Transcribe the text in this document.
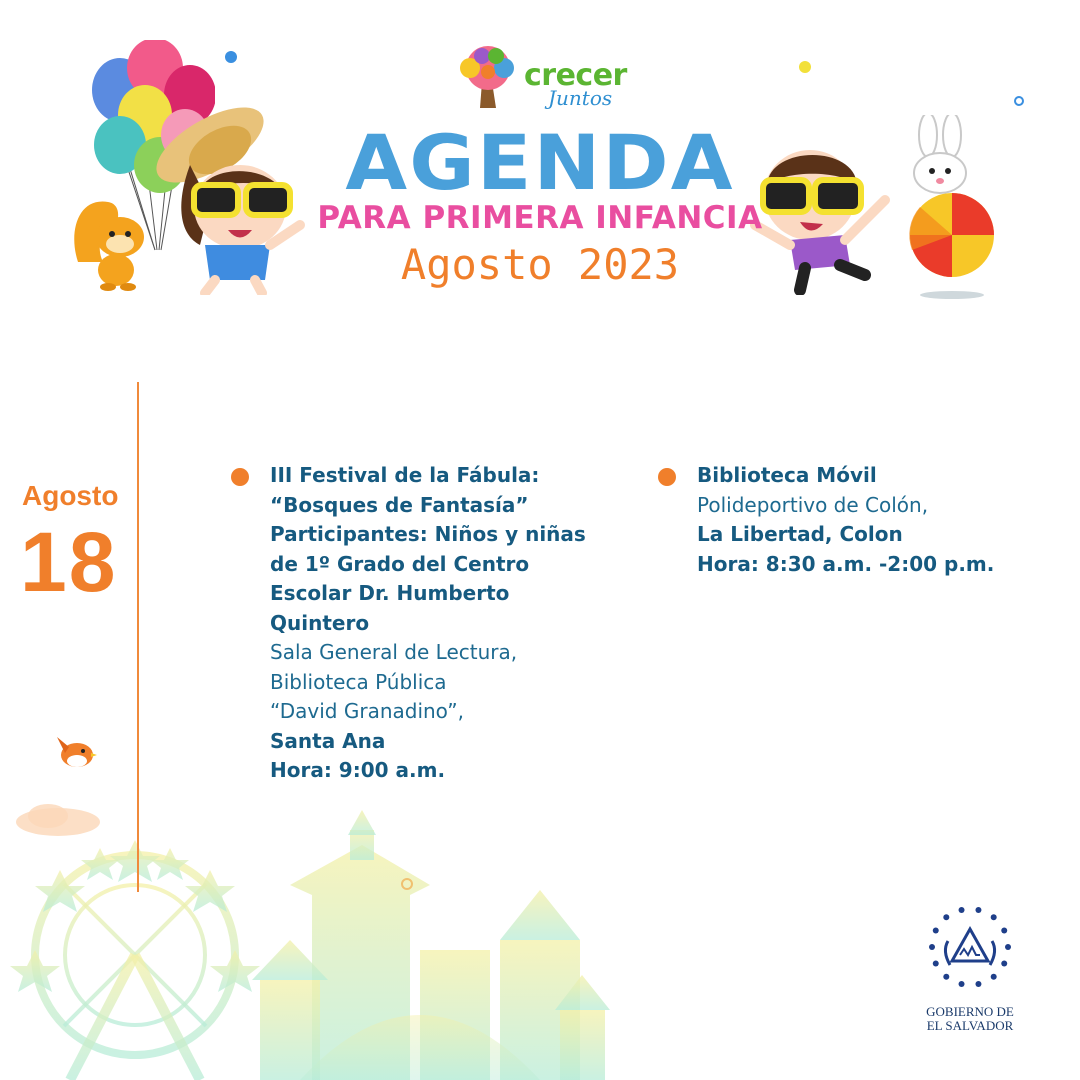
crecer
Juntos
AGENDA
PARA PRIMERA INFANCIA
Agosto 2023
Agosto
18
III Festival de la Fábula:
“Bosques de Fantasía”
Participantes: Niños y niñas
de 1º Grado del Centro
Escolar Dr. Humberto
Quintero
Sala General de Lectura,
Biblioteca Pública
“David Granadino”,
Santa Ana
Hora: 9:00 a.m.
Biblioteca Móvil
Polideportivo de Colón,
La Libertad, Colon
Hora: 8:30 a.m. -2:00 p.m.
GOBIERNO DE
EL SALVADOR
